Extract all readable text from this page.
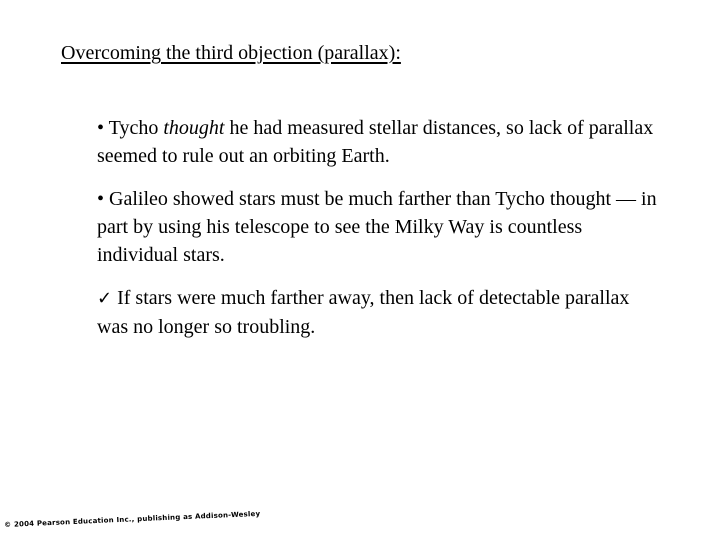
Overcoming the third objection (parallax):

• Tycho thought he had measured stellar distances, so lack of parallax seemed to rule out an orbiting Earth.

• Galileo showed stars must be much farther than Tycho thought — in part by using his telescope to see the Milky Way is countless individual stars.

✓ If stars were much farther away, then lack of detectable parallax was no longer so troubling.

© 2004 Pearson Education Inc., publishing as Addison-Wesley
